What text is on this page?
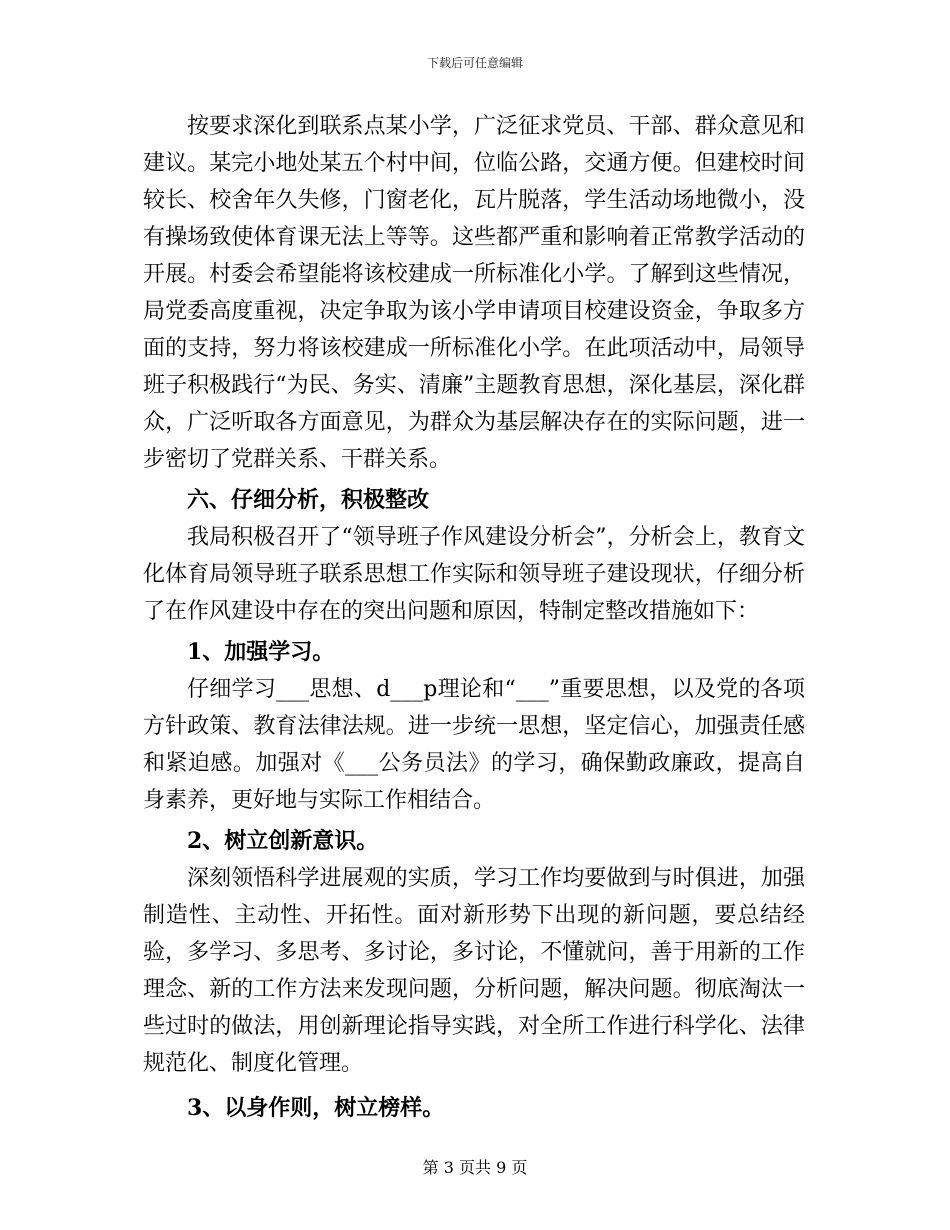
下载后可任意编辑

按要求深化到联系点某小学，广泛征求党员、干部、群众意见和建议。某完小地处某五个村中间，位临公路，交通方便。但建校时间较长、校舍年久失修，门窗老化，瓦片脱落，学生活动场地微小，没有操场致使体育课无法上等等。这些都严重和影响着正常教学活动的开展。村委会希望能将该校建成一所标准化小学。了解到这些情况，局党委高度重视，决定争取为该小学申请项目校建设资金，争取多方面的支持，努力将该校建成一所标准化小学。在此项活动中，局领导班子积极践行“为民、务实、清廉”主题教育思想，深化基层，深化群众，广泛听取各方面意见，为群众为基层解决存在的实际问题，进一步密切了党群关系、干群关系。

六、仔细分析，积极整改

我局积极召开了“领导班子作风建设分析会”，分析会上，教育文化体育局领导班子联系思想工作实际和领导班子建设现状，仔细分析了在作风建设中存在的突出问题和原因，特制定整改措施如下：

1、加强学习。

仔细学习___思想、d___p理论和“___”重要思想，以及党的各项方针政策、教育法律法规。进一步统一思想，坚定信心，加强责任感和紧迫感。加强对《___公务员法》的学习，确保勤政廉政，提高自身素养，更好地与实际工作相结合。

2、树立创新意识。

深刻领悟科学进展观的实质，学习工作均要做到与时俱进，加强制造性、主动性、开拓性。面对新形势下出现的新问题，要总结经验，多学习、多思考、多讨论，多讨论，不懂就问，善于用新的工作理念、新的工作方法来发现问题，分析问题，解决问题。彻底淘汰一些过时的做法，用创新理论指导实践，对全所工作进行科学化、法律规范化、制度化管理。

3、以身作则，树立榜样。

第 3 页共 9 页
